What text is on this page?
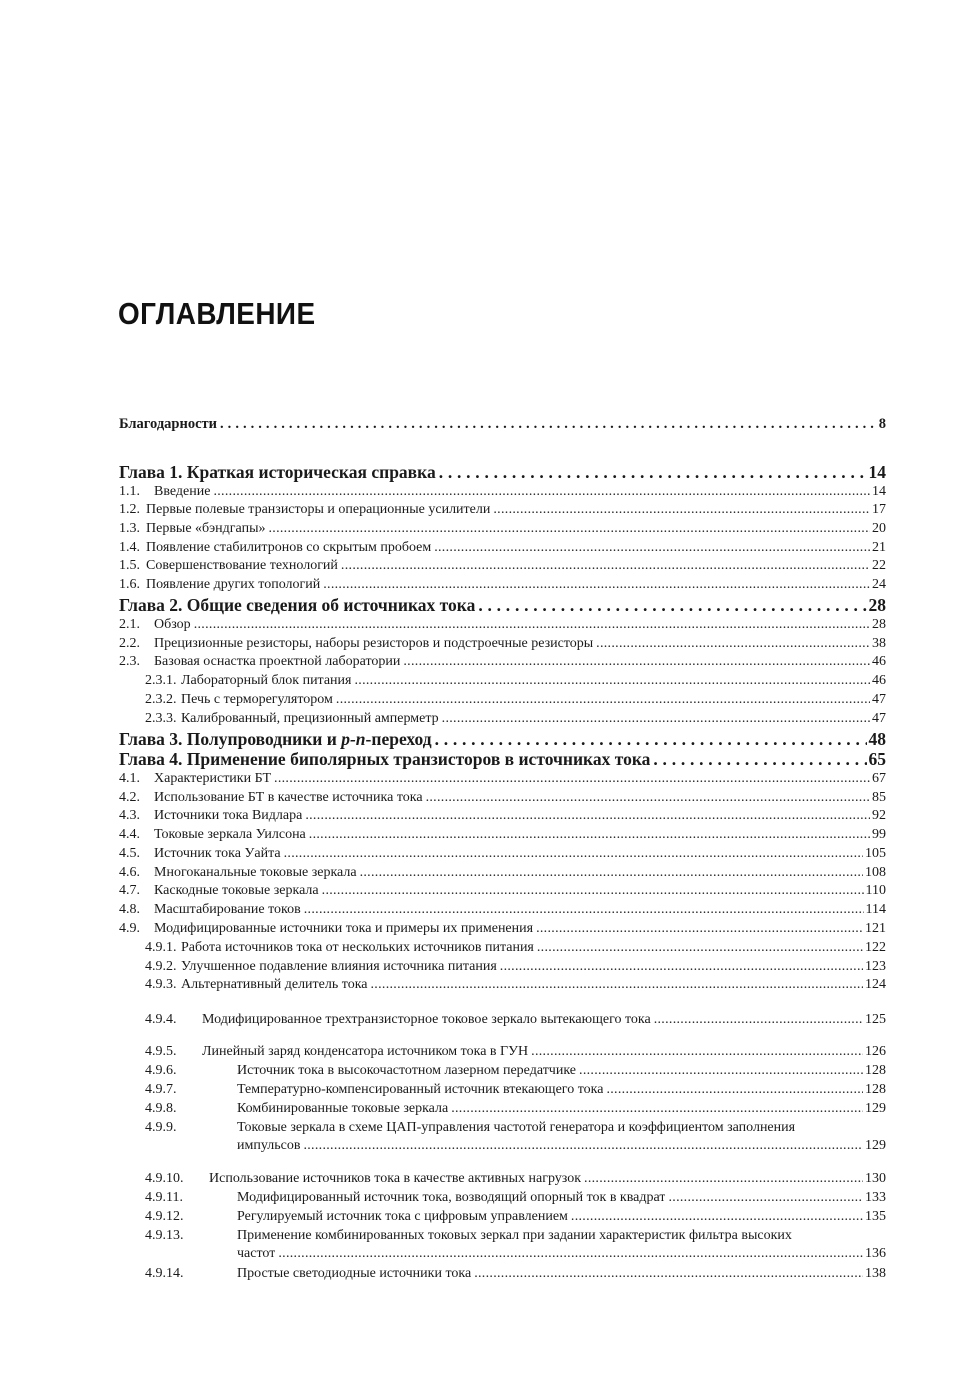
ОГЛАВЛЕНИЕ
Благодарности . . .	8
Глава 1. Краткая историческая справка . . .	14
1.1.	Введение . . .	14
1.2. Первые полевые транзисторы и операционные усилители . . .	17
1.3. Первые «бэндгапы» . . .	20
1.4. Появление стабилитронов со скрытым пробоем . . .	21
1.5. Совершенствование технологий . . .	22
1.6. Появление других топологий . . .	24
Глава 2. Общие сведения об источниках тока . . .	28
2.1.	Обзор . . .	28
2.2.	Прецизионные резисторы, наборы резисторов и подстроечные резисторы . . .	38
2.3.	Базовая оснастка проектной лаборатории . . .	46
2.3.1. Лабораторный блок питания . . .	46
2.3.2. Печь с терморегулятором . . .	47
2.3.3. Калиброванный, прецизионный амперметр . . .	47
Глава 3. Полупроводники и p-n-переход . . .	48
Глава 4. Применение биполярных транзисторов в источниках тока . . .	65
4.1.	Характеристики БТ . . .	67
4.2.	Использование БТ в качестве источника тока . . .	85
4.3.	Источники тока Видлара . . .	92
4.4.	Токовые зеркала Уилсона . . .	99
4.5.	Источник тока Уайта . . .	105
4.6.	Многоканальные токовые зеркала . . .	108
4.7.	Каскодные токовые зеркала . . .	110
4.8.	Масштабирование токов . . .	114
4.9.	Модифицированные источники тока и примеры их применения . . .	121
4.9.1. Работа источников тока от нескольких источников питания . . .	122
4.9.2. Улучшенное подавление влияния источника питания . . .	123
4.9.3. Альтернативный делитель тока . . .	124
4.9.4.	Модифицированное трехтранзисторное токовое зеркало вытекающего тока . . .	125
4.9.5.	Линейный заряд конденсатора источником тока в ГУН . . .	126
4.9.6.	Источник тока в высокочастотном лазерном передатчике . . .	128
4.9.7.	Температурно-компенсированный источник втекающего тока . . .	128
4.9.8.	Комбинированные токовые зеркала . . .	129
4.9.9.	Токовые зеркала в схеме ЦАП-управления частотой генератора и коэффициентом заполнения
импульсов . . .	129
4.9.10.	Использование источников тока в качестве активных нагрузок . . .	130
4.9.11.	Модифицированный источник тока, возводящий опорный ток в квадрат . . .	133
4.9.12.	Регулируемый источник тока с цифровым управлением . . .	135
4.9.13.	Применение комбинированных токовых зеркал при задании характеристик фильтра высоких
частот . . .	136
4.9.14.	Простые светодиодные источники тока . . .	138
